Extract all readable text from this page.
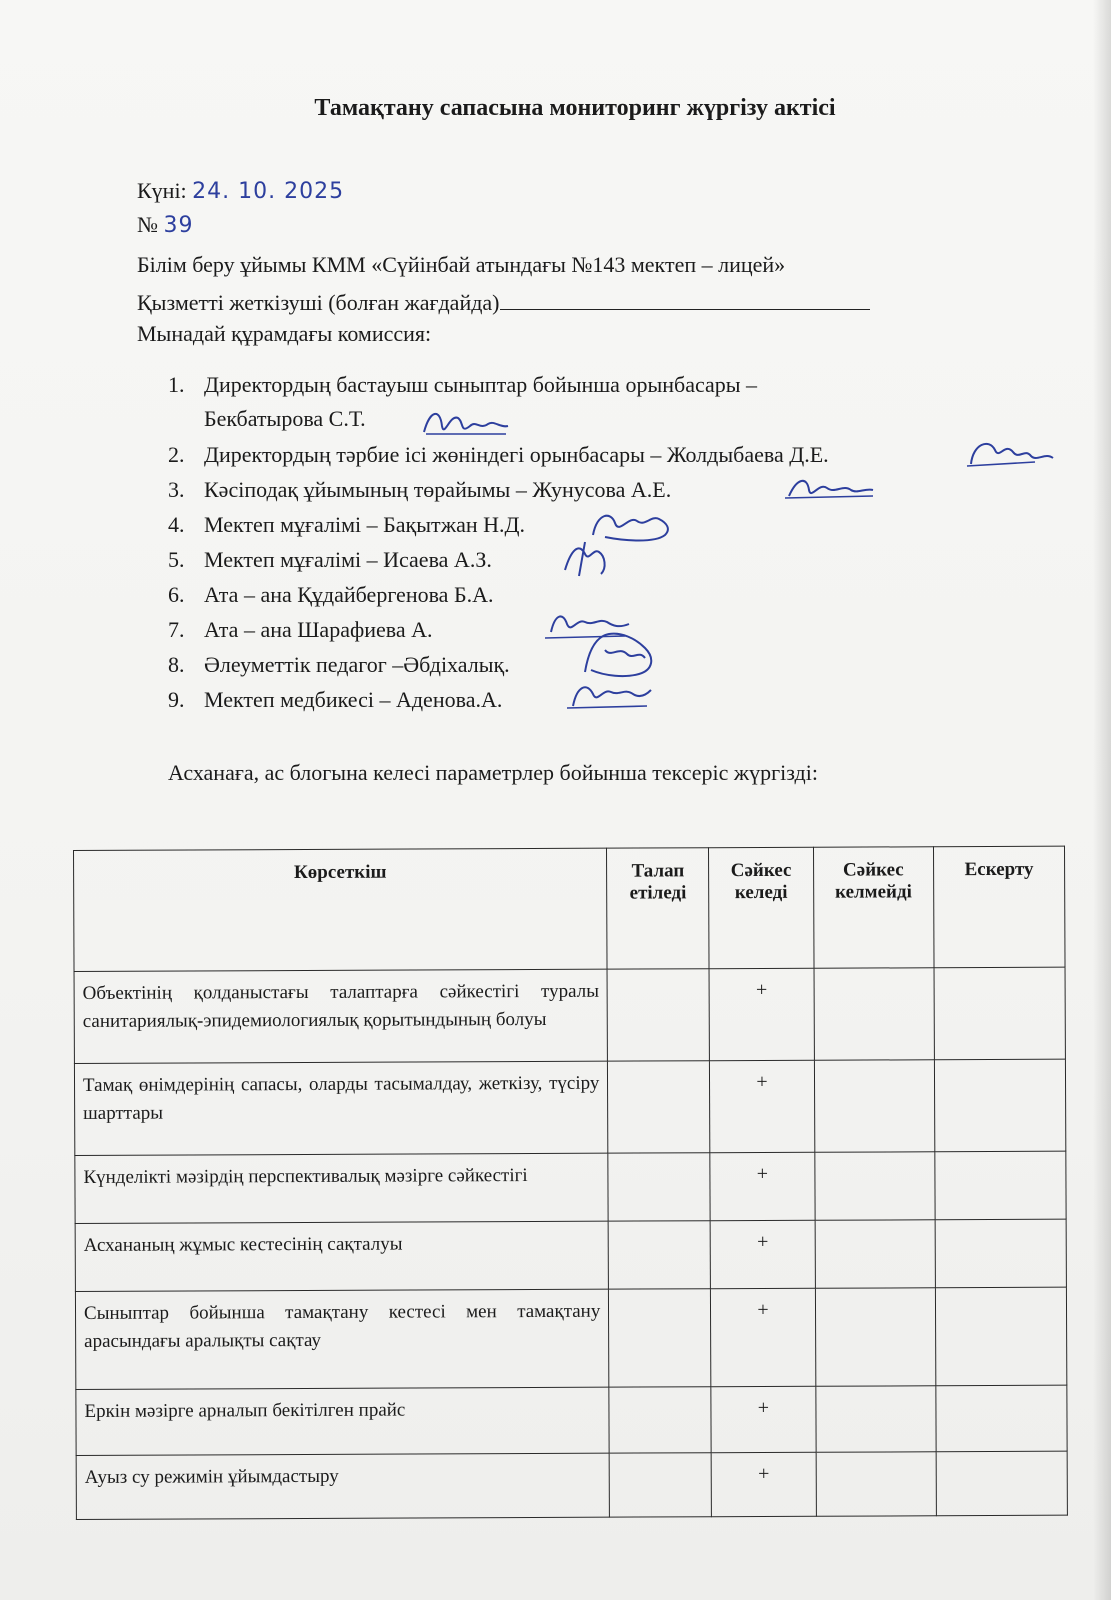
Тамақтану сапасына мониторинг жүргізу актісі
Күні: 24. 10. 2025
№ 39
Білім беру ұйымы КММ «Сүйінбай атындағы №143 мектеп – лицей»
Қызметті жеткізуші (болған жағдайда)
Мынадай құрамдағы комиссия:
1. Директордың бастауыш сыныптар бойынша орынбасары –
Бекбатырова С.Т.
2. Директордың тәрбие ісі жөніндегі орынбасары – Жолдыбаева Д.Е.
3. Кәсіподақ ұйымының төрайымы – Жунусова А.Е.
4. Мектеп мұғалімі – Бақытжан Н.Д.
5. Мектеп мұғалімі – Исаева А.З.
6. Ата – ана Құдайбергенова Б.А.
7. Ата – ана Шарафиева А.
8. Әлеуметтік педагог –Әбдіхалық.
9. Мектеп медбикесі – Аденова.А.
Асханаға, ас блогына келесі параметрлер бойынша тексеріс жүргізді:
Көрсеткіш	Талап етіледі	Сәйкес келеді	Сәйкес келмейді	Ескерту
Объектінің қолданыстағы талаптарға сәйкестігі туралы санитариялық-эпидемиологиялық қорытындының болуы		+		
Тамақ өнімдерінің сапасы, оларды тасымалдау, жеткізу, түсіру шарттары		+		
Күнделікті мәзірдің перспективалық мәзірге сәйкестігі		+		
Асхананың жұмыс кестесінің сақталуы		+		
Сыныптар бойынша тамақтану кестесі мен тамақтану арасындағы аралықты сақтау		+		
Еркін мәзірге арналып бекітілген прайс		+		
Ауыз су режимін ұйымдастыру		+		
